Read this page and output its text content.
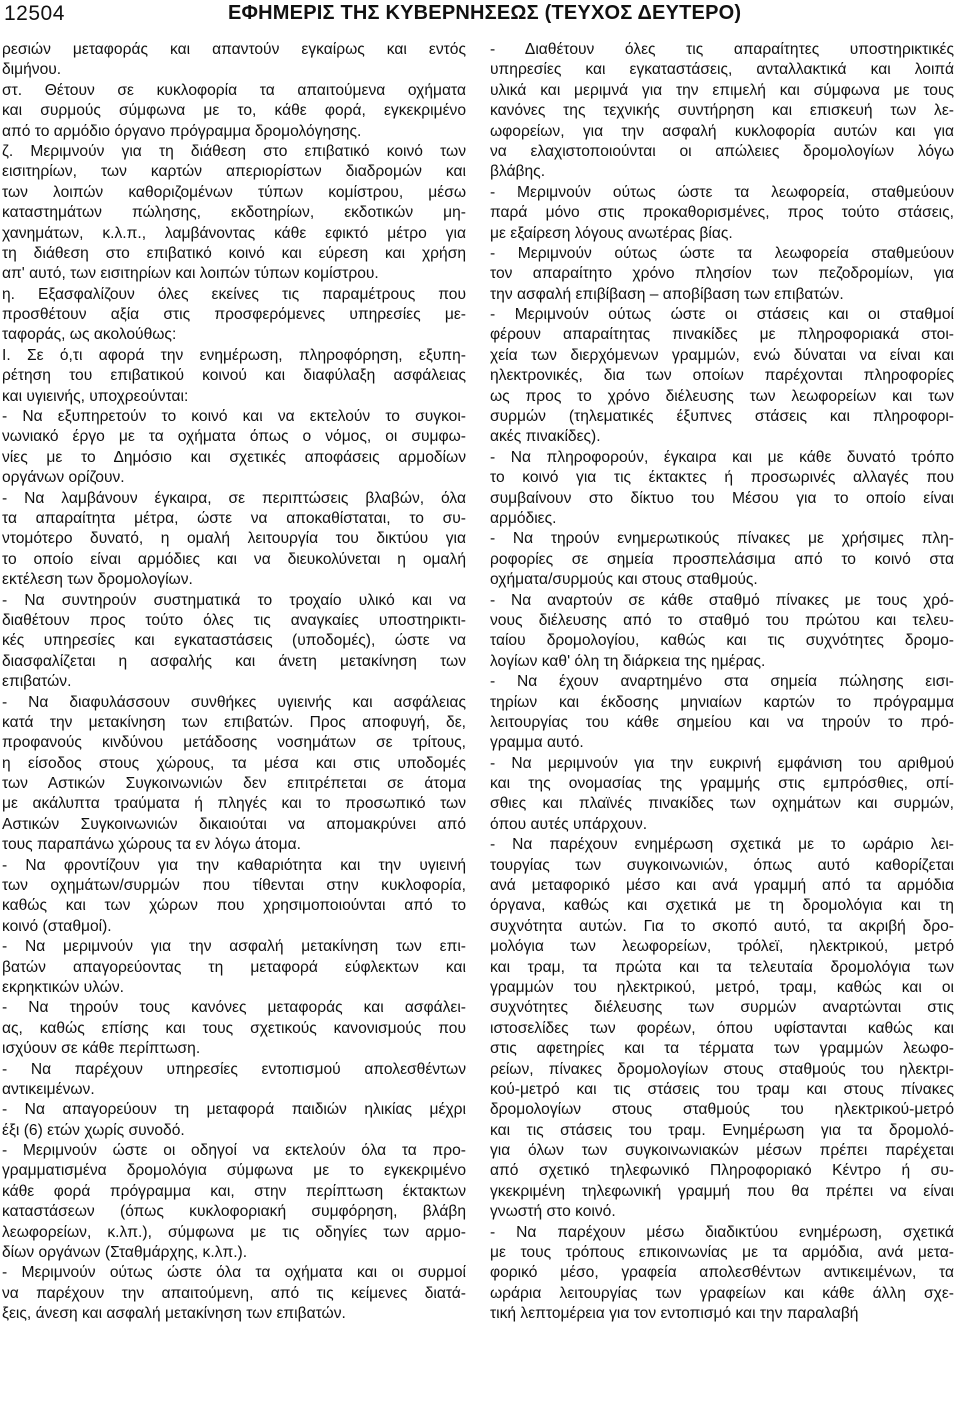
12504	ΕΦΗΜΕΡΙΣ ΤΗΣ ΚΥΒΕΡΝΗΣΕΩΣ (ΤΕΥΧΟΣ ΔΕΥΤΕΡΟ)
ρεσιών μεταφοράς και απαντούν εγκαίρως και εντός
διμήνου.
στ. Θέτουν σε κυκλοφορία τα απαιτούμενα οχήματα
και συρμούς σύμφωνα με το, κάθε φορά, εγκεκριμένο
από το αρμόδιο όργανο πρόγραμμα δρομολόγησης.
ζ. Μεριμνούν για τη διάθεση στο επιβατικό κοινό των
εισιτηρίων, των καρτών απεριορίστων διαδρομών και
των λοιπών καθοριζομένων τύπων κομίστρου, μέσω
καταστημάτων πώλησης, εκδοτηρίων, εκδοτικών μη-
χανημάτων, κ.λ.π., λαμβάνοντας κάθε εφικτό μέτρο για
τη διάθεση στο επιβατικό κοινό και εύρεση και χρήση
απ' αυτό, των εισιτηρίων και λοιπών τύπων κομίστρου.
η. Εξασφαλίζουν όλες εκείνες τις παραμέτρους που
προσθέτουν αξία στις προσφερόμενες υπηρεσίες με-
ταφοράς, ως ακολούθως:
Ι. Σε ό,τι αφορά την ενημέρωση, πληροφόρηση, εξυπη-
ρέτηση του επιβατικού κοινού και διαφύλαξη ασφάλειας
και υγιεινής, υποχρεούνται:
- Να εξυπηρετούν το κοινό και να εκτελούν το συγκοι-
νωνιακό έργο με τα οχήματα όπως ο νόμος, οι συμφω-
νίες με το Δημόσιο και σχετικές αποφάσεις αρμοδίων
οργάνων ορίζουν.
- Να λαμβάνουν έγκαιρα, σε περιπτώσεις βλαβών, όλα
τα απαραίτητα μέτρα, ώστε να αποκαθίσταται, το συ-
ντομότερο δυνατό, η ομαλή λειτουργία του δικτύου για
το οποίο είναι αρμόδιες και να διευκολύνεται η ομαλή
εκτέλεση των δρομολογίων.
- Να συντηρούν συστηματικά το τροχαίο υλικό και να
διαθέτουν προς τούτο όλες τις αναγκαίες υποστηρικτι-
κές υπηρεσίες και εγκαταστάσεις (υποδομές), ώστε να
διασφαλίζεται η ασφαλής και άνετη μετακίνηση των
επιβατών.
- Να διαφυλάσσουν συνθήκες υγιεινής και ασφάλειας
κατά την μετακίνηση των επιβατών. Προς αποφυγή, δε,
προφανούς κινδύνου μετάδοσης νοσημάτων σε τρίτους,
η είσοδος στους χώρους, τα μέσα και στις υποδομές
των Αστικών Συγκοινωνιών δεν επιτρέπεται σε άτομα
με ακάλυπτα τραύματα ή πληγές και το προσωπικό των
Αστικών Συγκοινωνιών δικαιούται να απομακρύνει από
τους παραπάνω χώρους τα εν λόγω άτομα.
- Να φροντίζουν για την καθαριότητα και την υγιεινή
των οχημάτων/συρμών που τίθενται στην κυκλοφορία,
καθώς και των χώρων που χρησιμοποιούνται από το
κοινό (σταθμοί).
- Να μεριμνούν για την ασφαλή μετακίνηση των επι-
βατών απαγορεύοντας τη μεταφορά εύφλεκτων και
εκρηκτικών υλών.
- Να τηρούν τους κανόνες μεταφοράς και ασφάλει-
ας, καθώς επίσης και τους σχετικούς κανονισμούς που
ισχύουν σε κάθε περίπτωση.
- Να παρέχουν υπηρεσίες εντοπισμού απολεσθέντων
αντικειμένων.
- Να απαγορεύουν τη μεταφορά παιδιών ηλικίας μέχρι
έξι (6) ετών χωρίς συνοδό.
- Μεριμνούν ώστε οι οδηγοί να εκτελούν όλα τα προ-
γραμματισμένα δρομολόγια σύμφωνα με το εγκεκριμένο
κάθε φορά πρόγραμμα και, στην περίπτωση έκτακτων
καταστάσεων (όπως κυκλοφοριακή συμφόρηση, βλάβη
λεωφορείων, κ.λπ.), σύμφωνα με τις οδηγίες των αρμο-
δίων οργάνων (Σταθμάρχης, κ.λπ.).
- Μεριμνούν ούτως ώστε όλα τα οχήματα και οι συρμοί
να παρέχουν την απαιτούμενη, από τις κείμενες διατά-
ξεις, άνεση και ασφαλή μετακίνηση των επιβατών.
- Διαθέτουν όλες τις απαραίτητες υποστηρικτικές
υπηρεσίες και εγκαταστάσεις, ανταλλακτικά και λοιπά
υλικά και μεριμνά για την επιμελή και σύμφωνα με τους
κανόνες της τεχνικής συντήρηση και επισκευή των λε-
ωφορείων, για την ασφαλή κυκλοφορία αυτών και για
να ελαχιστοποιούνται οι απώλειες δρομολογίων λόγω
βλάβης.
- Μεριμνούν ούτως ώστε τα λεωφορεία, σταθμεύουν
παρά μόνο στις προκαθορισμένες, προς τούτο στάσεις,
με εξαίρεση λόγους ανωτέρας βίας.
- Μεριμνούν ούτως ώστε τα λεωφορεία σταθμεύουν
τον απαραίτητο χρόνο πλησίον των πεζοδρομίων, για
την ασφαλή επιβίβαση – αποβίβαση των επιβατών.
- Μεριμνούν ούτως ώστε οι στάσεις και οι σταθμοί
φέρουν απαραίτητας πινακίδες με πληροφοριακά στοι-
χεία των διερχόμενων γραμμών, ενώ δύναται να είναι και
ηλεκτρονικές, δια των οποίων παρέχονται πληροφορίες
ως προς το χρόνο διέλευσης των λεωφορείων και των
συρμών (τηλεματικές έξυπνες στάσεις και πληροφορι-
ακές πινακίδες).
- Να πληροφορούν, έγκαιρα και με κάθε δυνατό τρόπο
το κοινό για τις έκτακτες ή προσωρινές αλλαγές που
συμβαίνουν στο δίκτυο του Μέσου για το οποίο είναι
αρμόδιες.
- Να τηρούν ενημερωτικούς πίνακες με χρήσιμες πλη-
ροφορίες σε σημεία προσπελάσιμα από το κοινό στα
οχήματα/συρμούς και στους σταθμούς.
- Να αναρτούν σε κάθε σταθμό πίνακες με τους χρό-
νους διέλευσης από το σταθμό του πρώτου και τελευ-
ταίου δρομολογίου, καθώς και τις συχνότητες δρομο-
λογίων καθ' όλη τη διάρκεια της ημέρας.
- Να έχουν αναρτημένο στα σημεία πώλησης εισι-
τηρίων και έκδοσης μηνιαίων καρτών το πρόγραμμα
λειτουργίας του κάθε σημείου και να τηρούν το πρό-
γραμμα αυτό.
- Να μεριμνούν για την ευκρινή εμφάνιση του αριθμού
και της ονομασίας της γραμμής στις εμπρόσθιες, οπί-
σθιες και πλαϊνές πινακίδες των οχημάτων και συρμών,
όπου αυτές υπάρχουν.
- Να παρέχουν ενημέρωση σχετικά με το ωράριο λει-
τουργίας των συγκοινωνιών, όπως αυτό καθορίζεται
ανά μεταφορικό μέσο και ανά γραμμή από τα αρμόδια
όργανα, καθώς και σχετικά με τη δρομολόγια και τη
συχνότητα αυτών. Για το σκοπό αυτό, τα ακριβή δρο-
μολόγια των λεωφορείων, τρόλεϊ, ηλεκτρικού, μετρό
και τραμ, τα πρώτα και τα τελευταία δρομολόγια των
γραμμών του ηλεκτρικού, μετρό, τραμ, καθώς και οι
συχνότητες διέλευσης των συρμών αναρτώνται στις
ιστοσελίδες των φορέων, όπου υφίστανται καθώς και
στις αφετηρίες και τα τέρματα των γραμμών λεωφο-
ρείων, πίνακες δρομολογίων στους σταθμούς του ηλεκτρι-
κού-μετρό και τις στάσεις του τραμ και στους πίνακες
δρομολογίων στους σταθμούς του ηλεκτρικού-μετρό
και τις στάσεις του τραμ. Ενημέρωση για τα δρομολό-
για όλων των συγκοινωνιακών μέσων πρέπει παρέχεται
από σχετικό τηλεφωνικό Πληροφοριακό Κέντρο ή συ-
γκεκριμένη τηλεφωνική γραμμή που θα πρέπει να είναι
γνωστή στο κοινό.
- Να παρέχουν μέσω διαδικτύου ενημέρωση, σχετικά
με τους τρόπους επικοινωνίας με τα αρμόδια, ανά μετα-
φορικό μέσο, γραφεία απολεσθέντων αντικειμένων, τα
ωράρια λειτουργίας των γραφείων και κάθε άλλη σχε-
τική λεπτομέρεια για τον εντοπισμό και την παραλαβή
